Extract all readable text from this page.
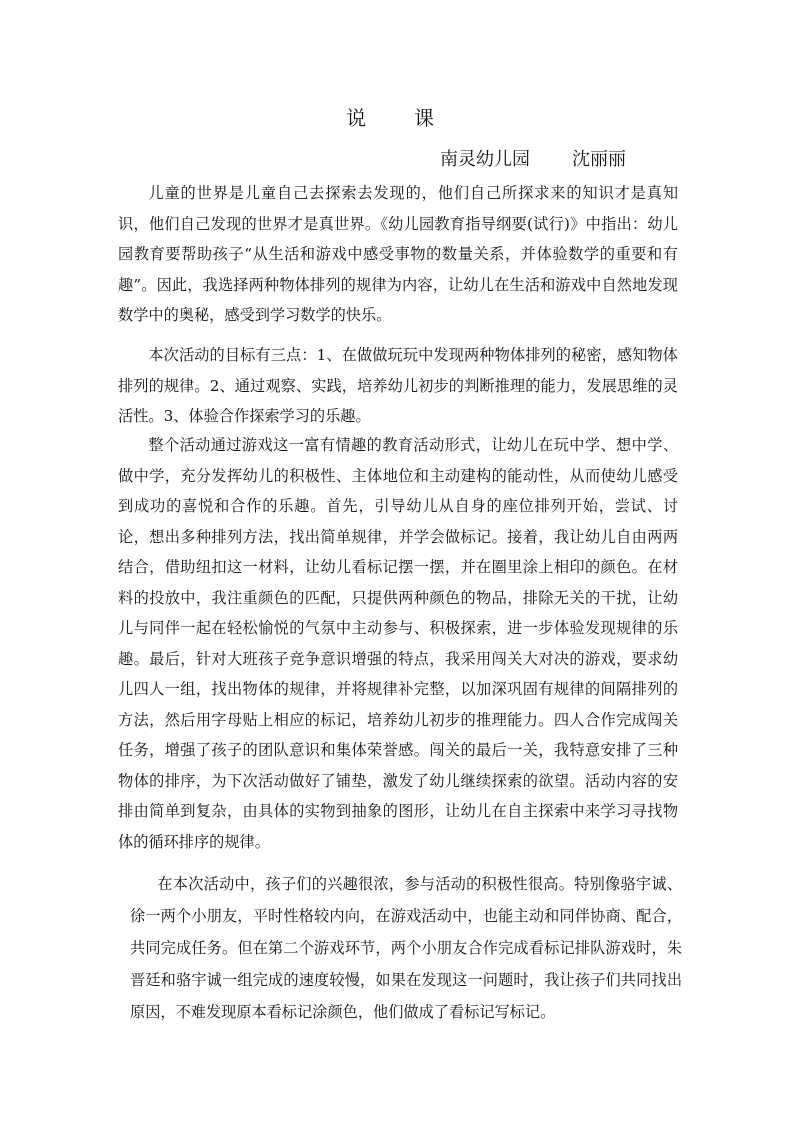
说　课
南灵幼儿园 沈丽丽

儿童的世界是儿童自己去探索去发现的，他们自己所探求来的知识才是真知识，他们自己发现的世界才是真世界。《幼儿园教育指导纲要(试行)》中指出：幼儿园教育要帮助孩子“从生活和游戏中感受事物的数量关系，并体验数学的重要和有趣”。因此，我选择两种物体排列的规律为内容，让幼儿在生活和游戏中自然地发现数学中的奥秘，感受到学习数学的快乐。

本次活动的目标有三点：1、在做做玩玩中发现两种物体排列的秘密，感知物体排列的规律。2、通过观察、实践，培养幼儿初步的判断推理的能力，发展思维的灵活性。3、体验合作探索学习的乐趣。

整个活动通过游戏这一富有情趣的教育活动形式，让幼儿在玩中学、想中学、做中学，充分发挥幼儿的积极性、主体地位和主动建构的能动性，从而使幼儿感受到成功的喜悦和合作的乐趣。首先，引导幼儿从自身的座位排列开始，尝试、讨论，想出多种排列方法，找出简单规律，并学会做标记。接着，我让幼儿自由两两结合，借助纽扣这一材料，让幼儿看标记摆一摆，并在圈里涂上相印的颜色。在材料的投放中，我注重颜色的匹配，只提供两种颜色的物品，排除无关的干扰，让幼儿与同伴一起在轻松愉悦的气氛中主动参与、积极探索，进一步体验发现规律的乐趣。最后，针对大班孩子竞争意识增强的特点，我采用闯关大对决的游戏，要求幼儿四人一组，找出物体的规律，并将规律补完整，以加深巩固有规律的间隔排列的方法，然后用字母贴上相应的标记，培养幼儿初步的推理能力。四人合作完成闯关任务，增强了孩子的团队意识和集体荣誉感。闯关的最后一关，我特意安排了三种物体的排序，为下次活动做好了铺垫，激发了幼儿继续探索的欲望。活动内容的安排由简单到复杂，由具体的实物到抽象的图形，让幼儿在自主探索中来学习寻找物体的循环排序的规律。

在本次活动中，孩子们的兴趣很浓，参与活动的积极性很高。特别像骆宇诚、徐一两个小朋友，平时性格较内向，在游戏活动中，也能主动和同伴协商、配合，共同完成任务。但在第二个游戏环节，两个小朋友合作完成看标记排队游戏时，朱晋廷和骆宇诚一组完成的速度较慢，如果在发现这一问题时，我让孩子们共同找出原因，不难发现原本看标记涂颜色，他们做成了看标记写标记。
